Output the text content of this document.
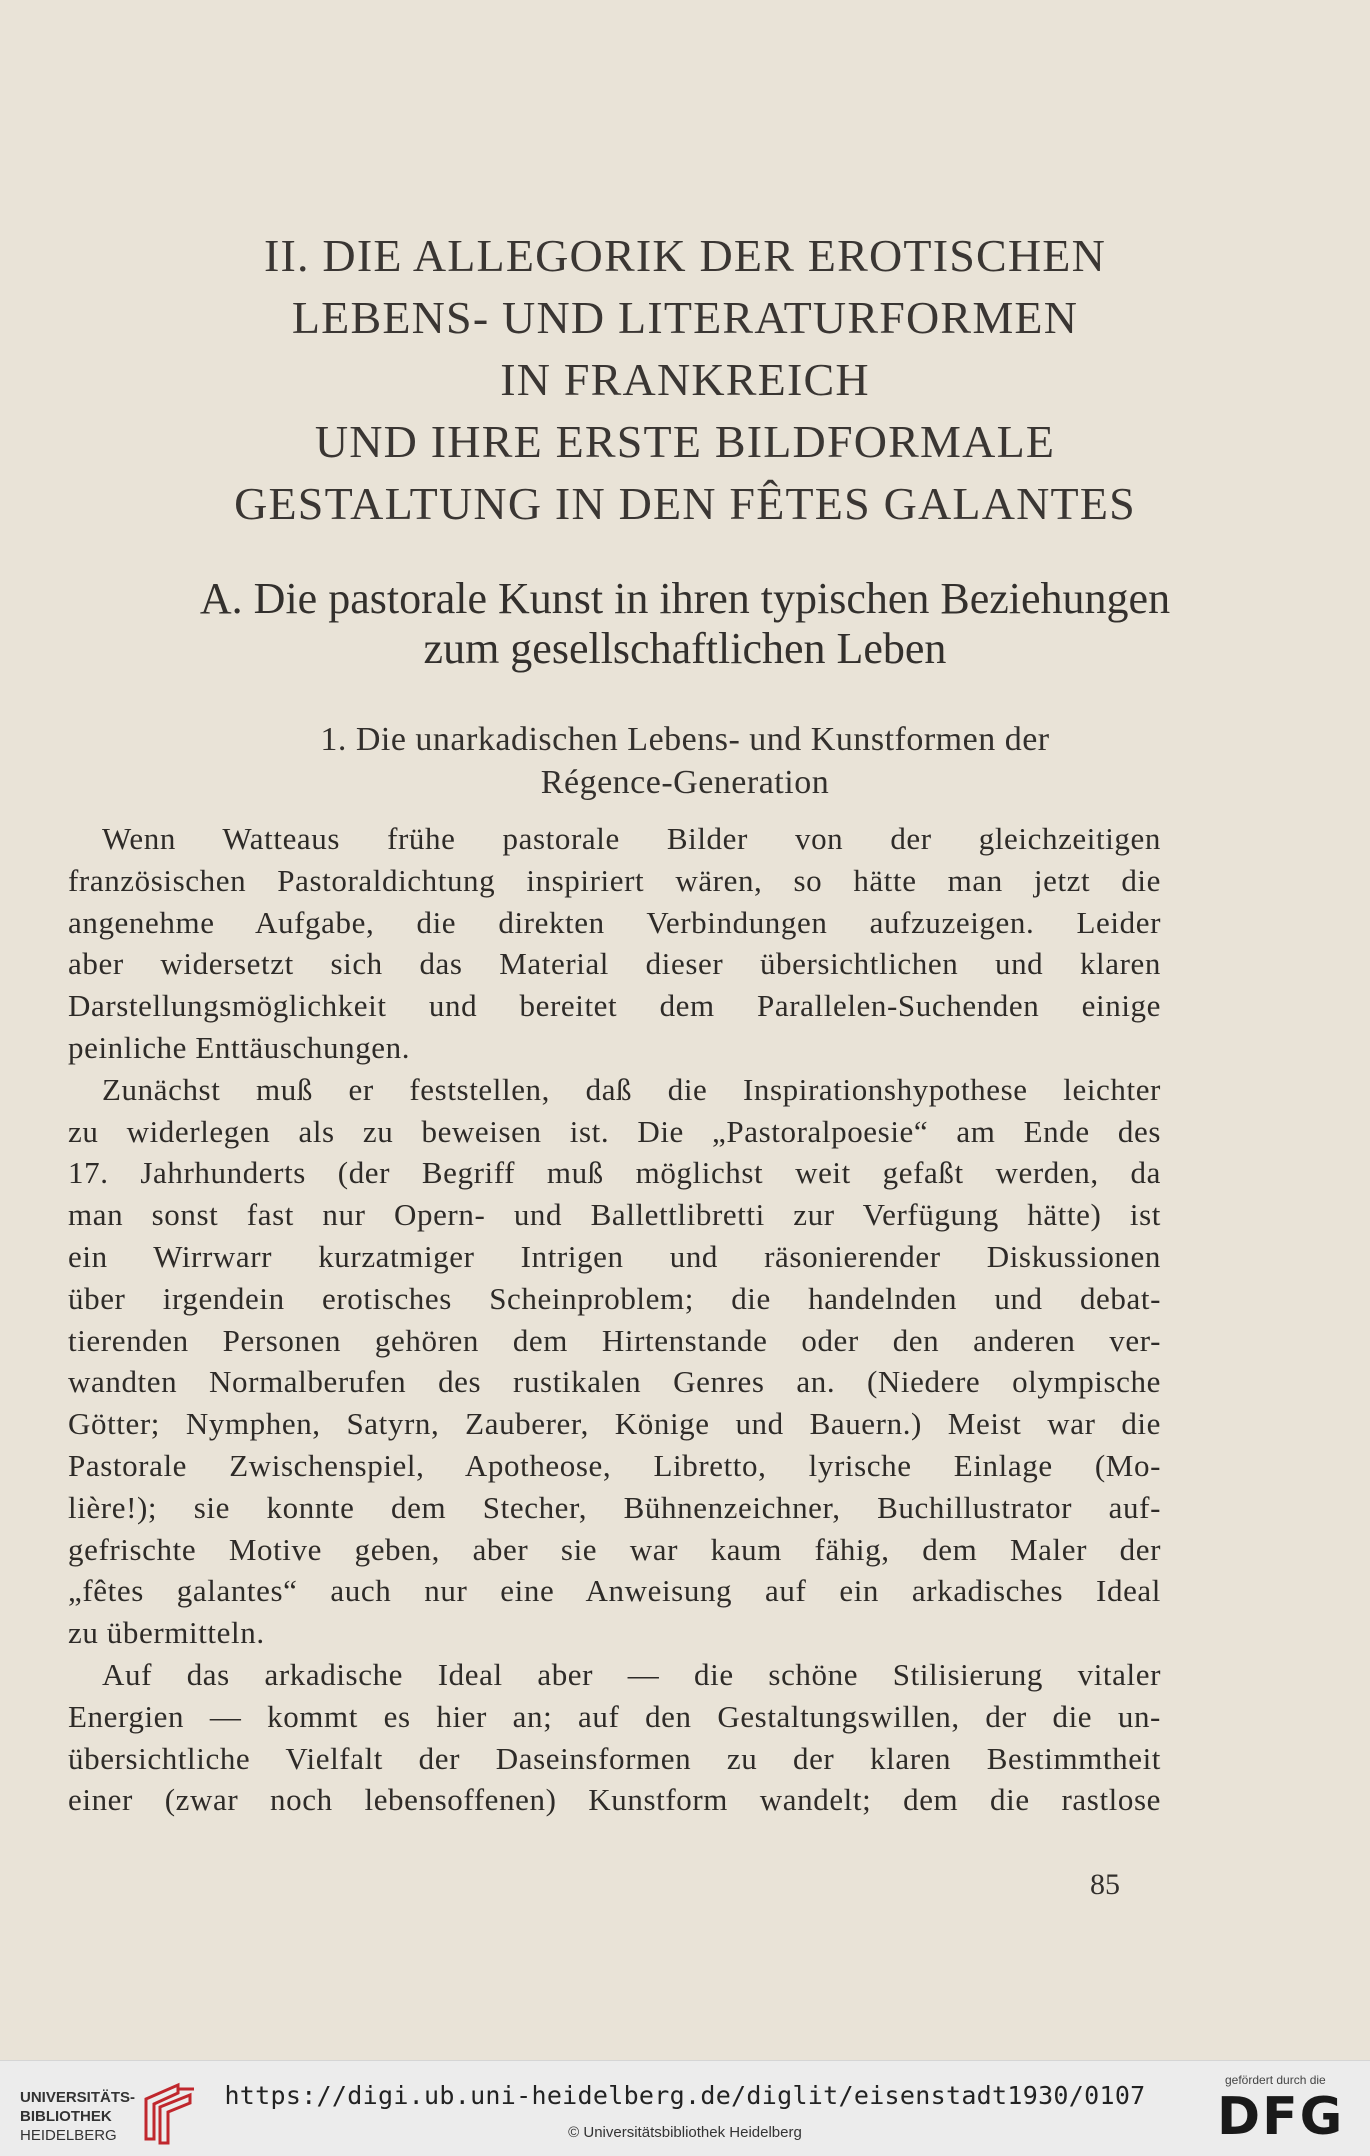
II. DIE ALLEGORIK DER EROTISCHEN
LEBENS- UND LITERATURFORMEN
IN FRANKREICH
UND IHRE ERSTE BILDFORMALE
GESTALTUNG IN DEN FÊTES GALANTES
A. Die pastorale Kunst in ihren typischen Beziehungen
zum gesellschaftlichen Leben
1. Die unarkadischen Lebens- und Kunstformen der
Régence-Generation
Wenn Watteaus frühe pastorale Bilder von der gleichzeitigen
französischen Pastoraldichtung inspiriert wären, so hätte man jetzt die
angenehme Aufgabe, die direkten Verbindungen aufzuzeigen. Leider
aber widersetzt sich das Material dieser übersichtlichen und klaren
Darstellungsmöglichkeit und bereitet dem Parallelen-Suchenden einige
peinliche Enttäuschungen.
Zunächst muß er feststellen, daß die Inspirationshypothese leichter
zu widerlegen als zu beweisen ist. Die „Pastoralpoesie“ am Ende des
17. Jahrhunderts (der Begriff muß möglichst weit gefaßt werden, da
man sonst fast nur Opern- und Ballettlibretti zur Verfügung hätte) ist
ein Wirrwarr kurzatmiger Intrigen und räsonierender Diskussionen
über irgendein erotisches Scheinproblem; die handelnden und debat-
tierenden Personen gehören dem Hirtenstande oder den anderen ver-
wandten Normalberufen des rustikalen Genres an. (Niedere olympische
Götter; Nymphen, Satyrn, Zauberer, Könige und Bauern.) Meist war die
Pastorale Zwischenspiel, Apotheose, Libretto, lyrische Einlage (Mo-
lière!); sie konnte dem Stecher, Bühnenzeichner, Buchillustrator auf-
gefrischte Motive geben, aber sie war kaum fähig, dem Maler der
„fêtes galantes“ auch nur eine Anweisung auf ein arkadisches Ideal
zu übermitteln.
Auf das arkadische Ideal aber — die schöne Stilisierung vitaler
Energien — kommt es hier an; auf den Gestaltungswillen, der die un-
übersichtliche Vielfalt der Daseinsformen zu der klaren Bestimmtheit
einer (zwar noch lebensoffenen) Kunstform wandelt; dem die rastlose
85
UNIVERSITÄTS-
BIBLIOTHEK
HEIDELBERG
https://digi.ub.uni-heidelberg.de/diglit/eisenstadt1930/0107
© Universitätsbibliothek Heidelberg
gefördert durch die
DFG
